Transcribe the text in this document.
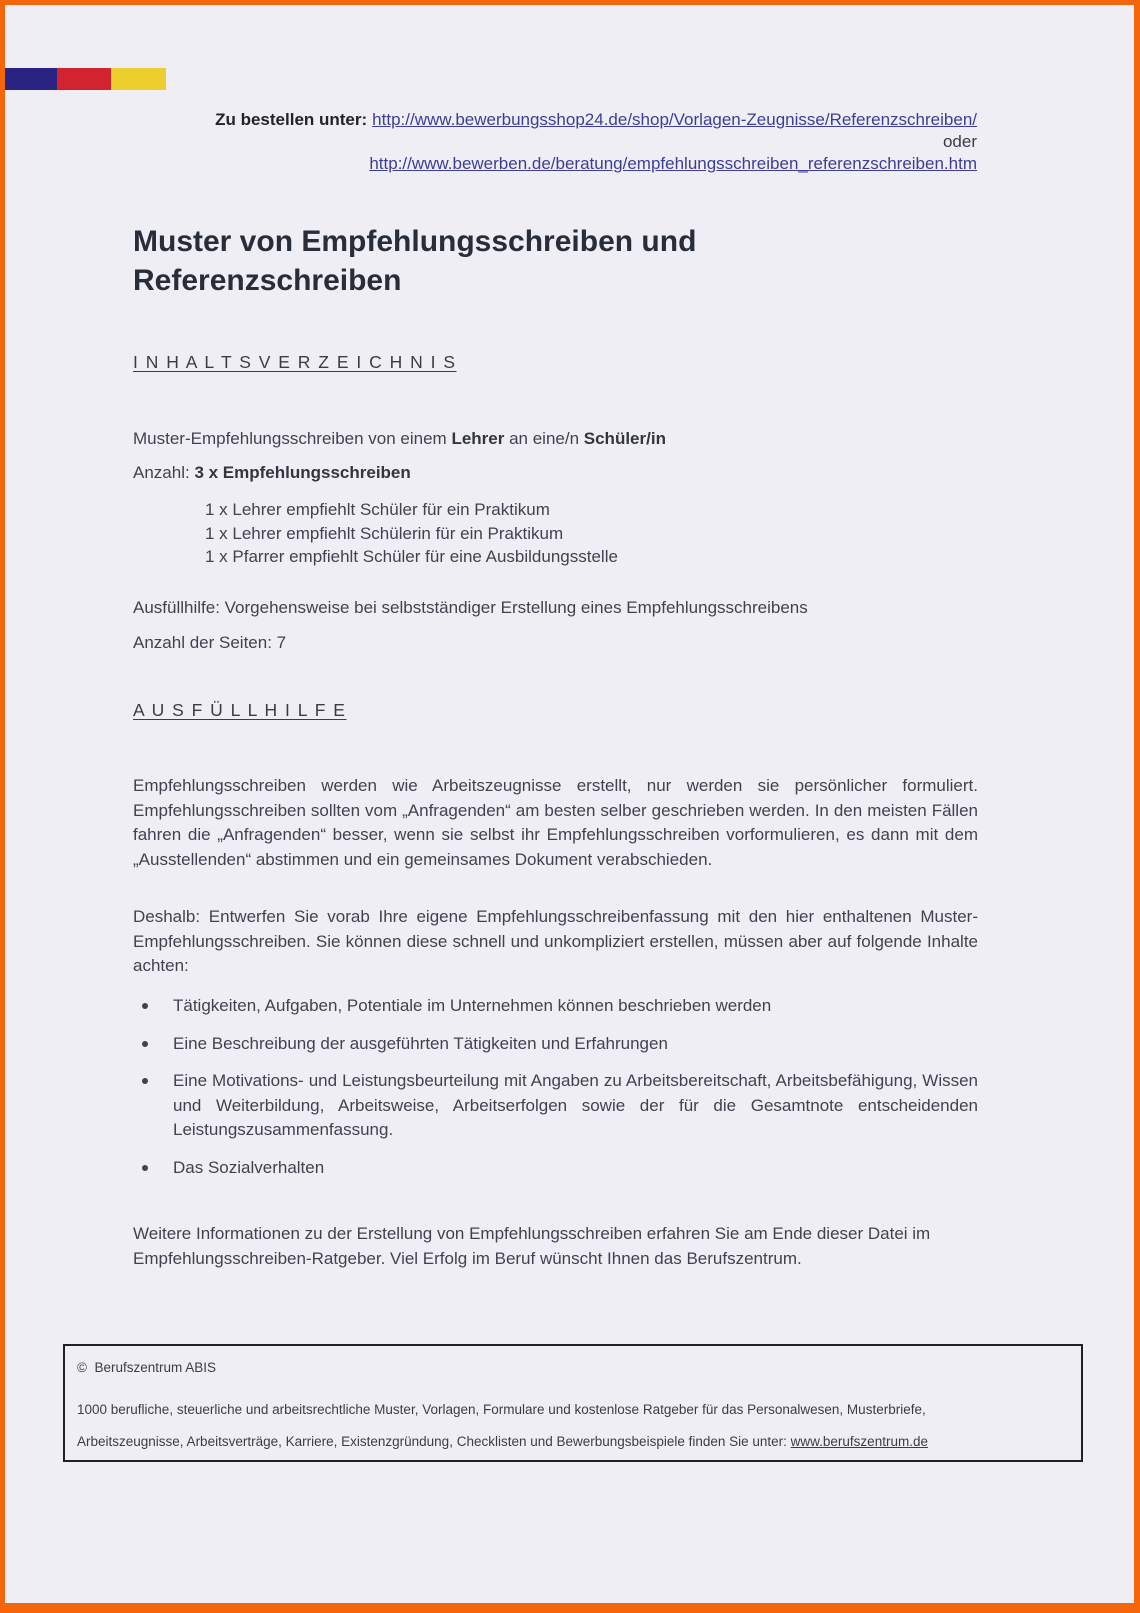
Zu bestellen unter: http://www.bewerbungsshop24.de/shop/Vorlagen-Zeugnisse/Referenzschreiben/
oder
http://www.bewerben.de/beratung/empfehlungsschreiben_referenzschreiben.htm
Muster von Empfehlungsschreiben und Referenzschreiben
I N H A L T S V E R Z E I C H N I S

Muster-Empfehlungsschreiben von einem Lehrer an eine/n Schüler/in

Anzahl: 3 x Empfehlungsschreiben

1 x Lehrer empfiehlt Schüler für ein Praktikum
1 x Lehrer empfiehlt Schülerin für ein Praktikum
1 x Pfarrer empfiehlt Schüler für eine Ausbildungsstelle

Ausfüllhilfe: Vorgehensweise bei selbstständiger Erstellung eines Empfehlungsschreibens

Anzahl der Seiten: 7

A U S F Ü L L H I L F E

Empfehlungsschreiben werden wie Arbeitszeugnisse erstellt, nur werden sie persönlicher formuliert. Empfehlungsschreiben sollten vom „Anfragenden“ am besten selber geschrieben werden. In den meisten Fällen fahren die „Anfragenden“ besser, wenn sie selbst ihr Empfehlungsschreiben vorformulieren, es dann mit dem „Ausstellenden“ abstimmen und ein gemeinsames Dokument verabschieden.

Deshalb: Entwerfen Sie vorab Ihre eigene Empfehlungsschreibenfassung mit den hier enthaltenen Muster-Empfehlungsschreiben. Sie können diese schnell und unkompliziert erstellen, müssen aber auf folgende Inhalte achten:

Tätigkeiten, Aufgaben, Potentiale im Unternehmen können beschrieben werden
Eine Beschreibung der ausgeführten Tätigkeiten und Erfahrungen
Eine Motivations- und Leistungsbeurteilung mit Angaben zu Arbeitsbereitschaft, Arbeitsbefähigung, Wissen und Weiterbildung, Arbeitsweise, Arbeitserfolgen sowie der für die Gesamtnote entscheidenden Leistungszusammenfassung.
Das Sozialverhalten

Weitere Informationen zu der Erstellung von Empfehlungsschreiben erfahren Sie am Ende dieser Datei im Empfehlungsschreiben-Ratgeber. Viel Erfolg im Beruf wünscht Ihnen das Berufszentrum.

©  Berufszentrum ABIS
1000 berufliche, steuerliche und arbeitsrechtliche Muster, Vorlagen, Formulare und kostenlose Ratgeber für das Personalwesen, Musterbriefe,
Arbeitszeugnisse, Arbeitsverträge, Karriere, Existenzgründung, Checklisten und Bewerbungsbeispiele finden Sie unter: www.berufszentrum.de
